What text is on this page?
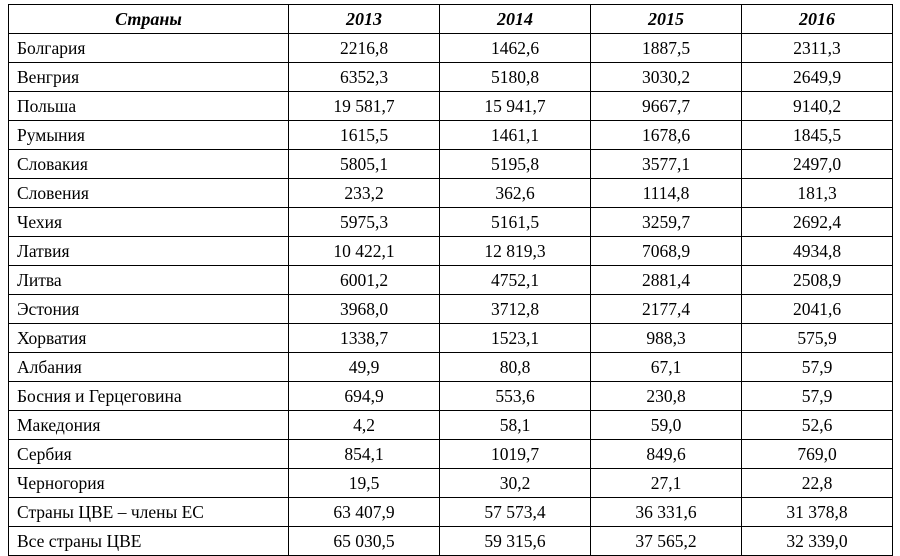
Страны	2013	2014	2015	2016
Болгария	2216,8	1462,6	1887,5	2311,3
Венгрия	6352,3	5180,8	3030,2	2649,9
Польша	19 581,7	15 941,7	9667,7	9140,2
Румыния	1615,5	1461,1	1678,6	1845,5
Словакия	5805,1	5195,8	3577,1	2497,0
Словения	233,2	362,6	1114,8	181,3
Чехия	5975,3	5161,5	3259,7	2692,4
Латвия	10 422,1	12 819,3	7068,9	4934,8
Литва	6001,2	4752,1	2881,4	2508,9
Эстония	3968,0	3712,8	2177,4	2041,6
Хорватия	1338,7	1523,1	988,3	575,9
Албания	49,9	80,8	67,1	57,9
Босния и Герцеговина	694,9	553,6	230,8	57,9
Македония	4,2	58,1	59,0	52,6
Сербия	854,1	1019,7	849,6	769,0
Черногория	19,5	30,2	27,1	22,8
Страны ЦВЕ – члены ЕС	63 407,9	57 573,4	36 331,6	31 378,8
Все страны ЦВЕ	65 030,5	59 315,6	37 565,2	32 339,0
